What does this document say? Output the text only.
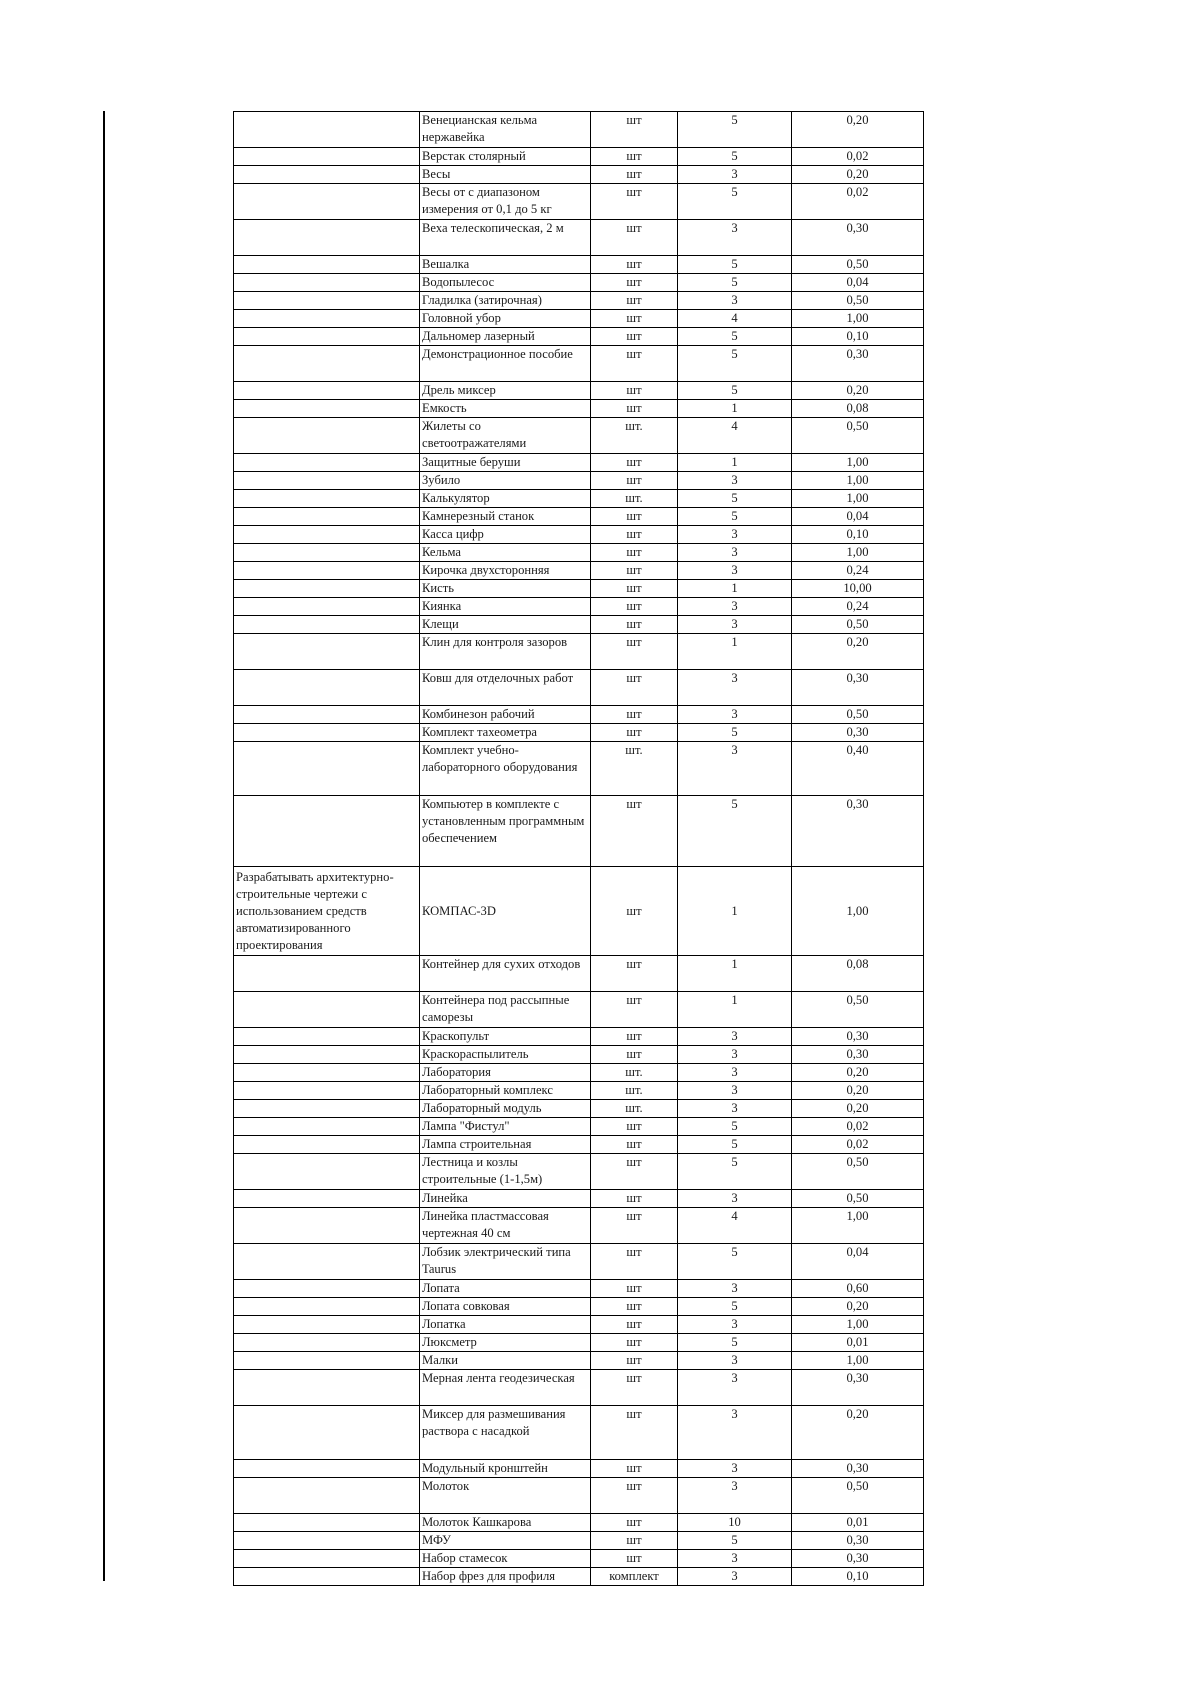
	Венецианская кельма нержавейка	шт	5	0,20
	Верстак столярный	шт	5	0,02
	Весы	шт	3	0,20
	Весы от с диапазоном измерения от 0,1 до 5 кг	шт	5	0,02
	Веха телескопическая, 2 м	шт	3	0,30
	Вешалка	шт	5	0,50
	Водопылесос	шт	5	0,04
	Гладилка (затирочная)	шт	3	0,50
	Головной убор	шт	4	1,00
	Дальномер лазерный	шт	5	0,10
	Демонстрационное пособие	шт	5	0,30
	Дрель миксер	шт	5	0,20
	Емкость	шт	1	0,08
	Жилеты со светоотражателями	шт.	4	0,50
	Защитные беруши	шт	1	1,00
	Зубило	шт	3	1,00
	Калькулятор	шт.	5	1,00
	Камнерезный станок	шт	5	0,04
	Касса цифр	шт	3	0,10
	Кельма	шт	3	1,00
	Кирочка двухсторонняя	шт	3	0,24
	Кисть	шт	1	10,00
	Киянка	шт	3	0,24
	Клещи	шт	3	0,50
	Клин для контроля зазоров	шт	1	0,20
	Ковш для отделочных работ	шт	3	0,30
	Комбинезон рабочий	шт	3	0,50
	Комплект тахеометра	шт	5	0,30
	Комплект учебно-лабораторного оборудования	шт.	3	0,40
	Компьютер в комплекте с установленным программным обеспечением	шт	5	0,30
Разрабатывать архитектурно-строительные чертежи с использованием средств автоматизированного проектирования	КОМПАС-3D	шт	1	1,00
	Контейнер для сухих отходов	шт	1	0,08
	Контейнера под рассыпные саморезы	шт	1	0,50
	Краскопульт	шт	3	0,30
	Краскораспылитель	шт	3	0,30
	Лаборатория	шт.	3	0,20
	Лабораторный комплекс	шт.	3	0,20
	Лабораторный модуль	шт.	3	0,20
	Лампа "Фистул"	шт	5	0,02
	Лампа строительная	шт	5	0,02
	Лестница и козлы строительные (1-1,5м)	шт	5	0,50
	Линейка	шт	3	0,50
	Линейка пластмассовая чертежная 40 см	шт	4	1,00
	Лобзик электрический типа Taurus	шт	5	0,04
	Лопата	шт	3	0,60
	Лопата совковая	шт	5	0,20
	Лопатка	шт	3	1,00
	Люксметр	шт	5	0,01
	Малки	шт	3	1,00
	Мерная лента геодезическая	шт	3	0,30
	Миксер для размешивания раствора с насадкой	шт	3	0,20
	Модульный кронштейн	шт	3	0,30
	Молоток	шт	3	0,50
	Молоток Кашкарова	шт	10	0,01
	МФУ	шт	5	0,30
	Набор стамесок	шт	3	0,30
	Набор фрез для профиля	комплект	3	0,10
